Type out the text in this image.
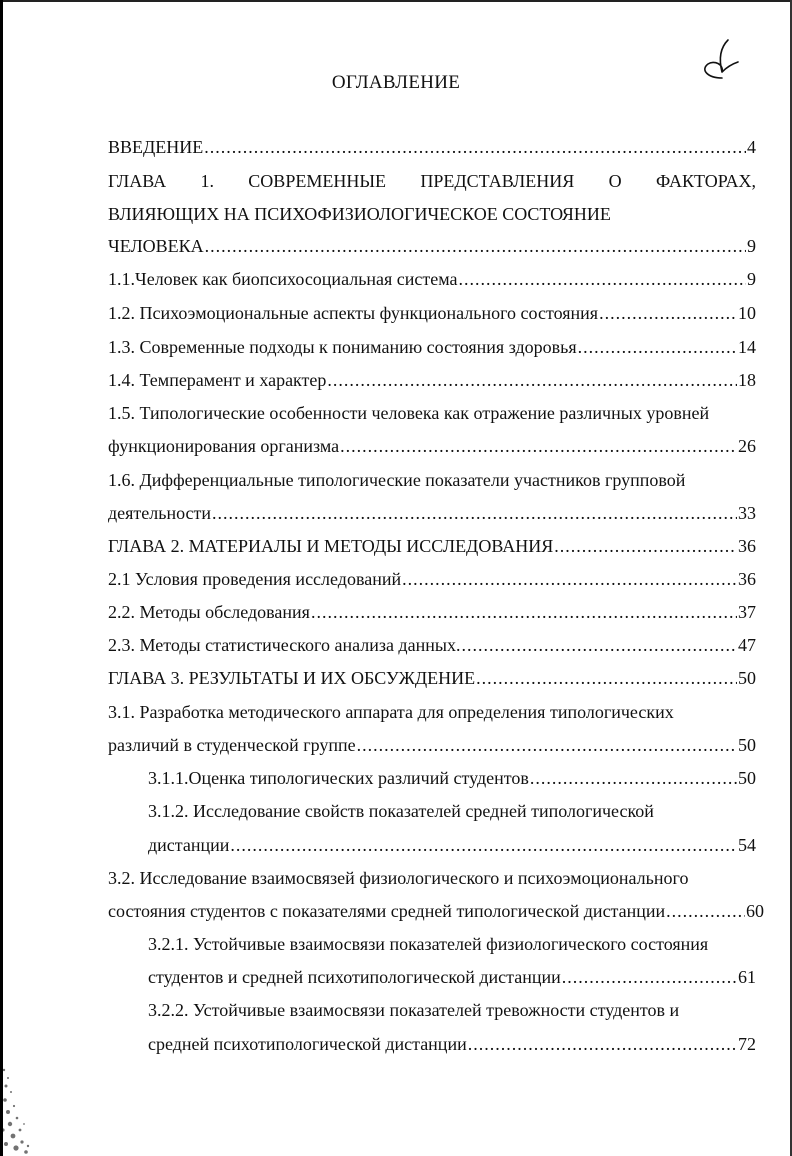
ОГЛАВЛЕНИЕ
ВВЕДЕНИЕ .....	4
ГЛАВА 1. СОВРЕМЕННЫЕ ПРЕДСТАВЛЕНИЯ О ФАКТОРАХ,
ВЛИЯЮЩИХ НА ПСИХОФИЗИОЛОГИЧЕСКОЕ СОСТОЯНИЕ
ЧЕЛОВЕКА .....	9
1.1.Человек как биопсихосоциальная система .....	9
1.2. Психоэмоциональные аспекты функционального состояния .....	10
1.3. Современные подходы к пониманию состояния здоровья .....	14
1.4. Темперамент и характер .....	18
1.5. Типологические особенности человека как отражение различных уровней
функционирования организма .....	26
1.6. Дифференциальные типологические показатели участников групповой
деятельности .....	33
ГЛАВА 2. МАТЕРИАЛЫ И МЕТОДЫ ИССЛЕДОВАНИЯ .....	36
2.1 Условия проведения исследований .....	36
2.2. Методы обследования .....	37
2.3. Методы статистического анализа данных. .....	47
ГЛАВА 3. РЕЗУЛЬТАТЫ И ИХ ОБСУЖДЕНИЕ .....	50
3.1. Разработка методического аппарата для определения типологических
различий в студенческой группе .....	50
3.1.1.Оценка типологических различий студентов .....	50
3.1.2. Исследование свойств показателей средней типологической
дистанции .....	54
3.2. Исследование взаимосвязей физиологического и психоэмоционального
состояния студентов с показателями средней типологической дистанции .....	60
3.2.1. Устойчивые взаимосвязи показателей физиологического состояния
студентов и средней психотипологической дистанции .....	61
3.2.2. Устойчивые взаимосвязи показателей тревожности студентов и
средней психотипологической дистанции .....	72
